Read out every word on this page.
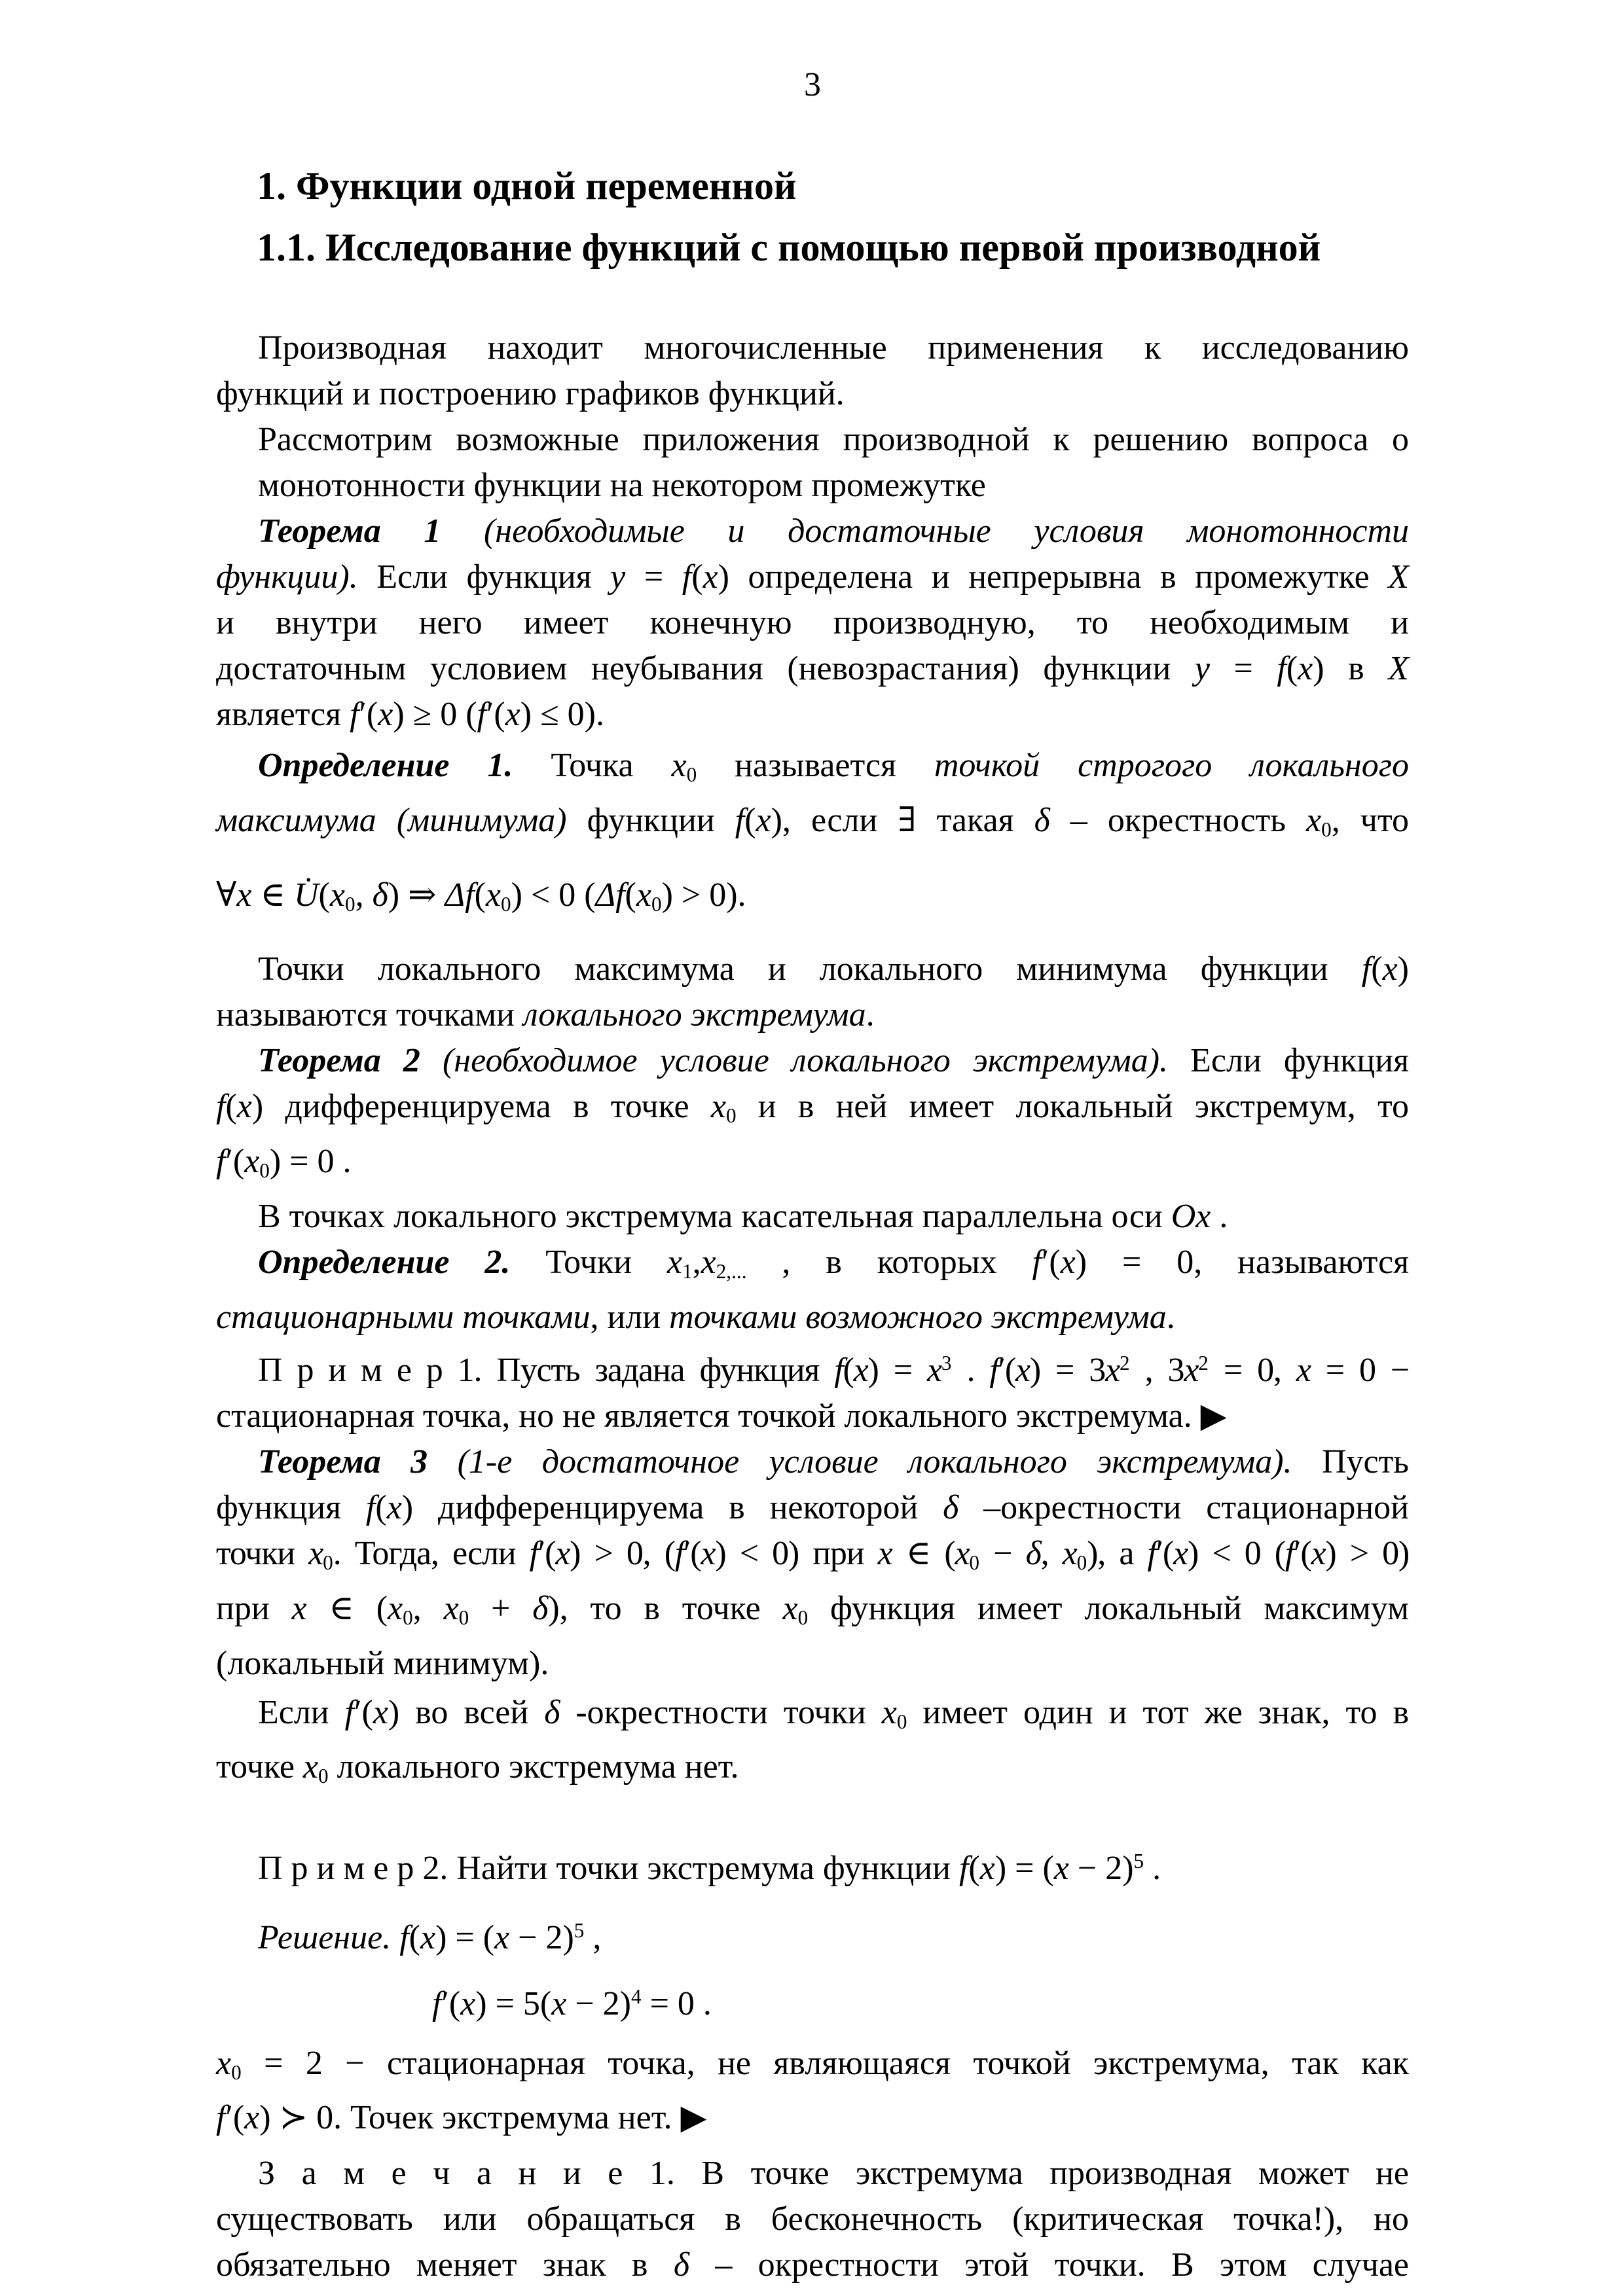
3
1. Функции одной переменной
1.1. Исследование функций с помощью первой производной
Производная находит многочисленные применения к исследованию
функций и построению графиков функций.
Рассмотрим возможные приложения производной к решению вопроса о
монотонности функции на некотором промежутке
Теорема 1 (необходимые и достаточные условия монотонности
функции). Если функция y = f(x) определена и непрерывна в промежутке X
и внутри него имеет конечную производную, то необходимым и
достаточным условием неубывания (невозрастания) функции y = f(x) в X
является f′(x) ≥ 0 (f′(x) ≤ 0).
Определение 1. Точка x0 называется точкой строгого локального
максимума (минимума) функции f(x), если ∃ такая δ – окрестность x0, что
∀x ∈ U̇(x0, δ) ⇒ Δf(x0) < 0 (Δf(x0) > 0).
Точки локального максимума и локального минимума функции f(x)
называются точками локального экстремума.
Теорема 2 (необходимое условие локального экстремума). Если функция
f(x) дифференцируема в точке x0 и в ней имеет локальный экстремум, то
f′(x0) = 0 .
В точках локального экстремума касательная параллельна оси Ox .
Определение 2. Точки x1,x2,... , в которых f′(x) = 0, называются
стационарными точками, или точками возможного экстремума.
П р и м е р 1. Пусть задана функция $f(x) = x^3$ . $f'(x) = 3x^2$ , $3x^2 = 0$, x = 0 −
стационарная точка, но не является точкой локального экстремума. ▶
Теорема 3 (1-е достаточное условие локального экстремума). Пусть
функция f(x) дифференцируема в некоторой δ –окрестности стационарной
точки x0. Тогда, если f′(x) > 0, (f′(x) < 0) при x ∈ (x0 − δ, x0), а f′(x) < 0 (f′(x) > 0)
при x ∈ (x0, x0 + δ), то в точке x0 функция имеет локальный максимум
(локальный минимум).
Если f′(x) во всей δ -окрестности точки x0 имеет один и тот же знак, то в
точке x0 локального экстремума нет.
П р и м е р 2. Найти точки экстремума функции $f(x) = (x - 2)^5$ .
Решение. $f(x) = (x - 2)^5$ ,
$f'(x) = 5(x - 2)^4 = 0$ .
x0 = 2 − стационарная точка, не являющаяся точкой экстремума, так как
f′(x) ≻ 0. Точек экстремума нет. ▶
З а м е ч а н и е 1. В точке экстремума производная может не
существовать или обращаться в бесконечность (критическая точка!), но
обязательно меняет знак в δ – окрестности этой точки. В этом случае
